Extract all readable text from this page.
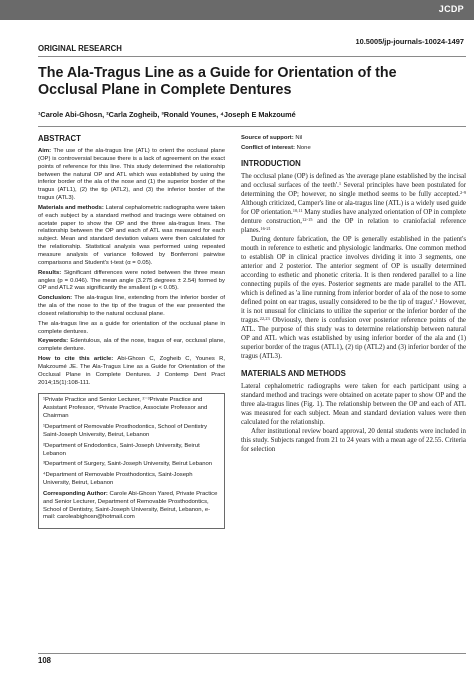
JCDP
10.5005/jp-journals-10024-1497
ORIGINAL RESEARCH
The Ala-Tragus Line as a Guide for Orientation of the Occlusal Plane in Complete Dentures
¹Carole Abi-Ghosn, ²Carla Zogheib, ³Ronald Younes, ⁴Joseph E Makzoumé
ABSTRACT

Aim: The use of the ala-tragus line (ATL) to orient the occlusal plane (OP) is controversial because there is a lack of agreement on the exact points of reference for this line. This study determined the relationship between the natural OP and ATL which was established by using the inferior border of the ala of the nose and (1) the superior border of the tragus (ATL1), (2) the tip (ATL2), and (3) the inferior border of the tragus (ATL3).

Materials and methods: Lateral cephalometric radiographs were taken of each subject by a standard method and tracings were obtained on acetate paper to show the OP and the three ala-tragus lines. The relationship between the OP and each of ATL was measured for each subject. Mean and standard deviation values were then calculated for the relationship. Statistical analysis was performed using repeated measure analysis of variance followed by Bonferroni pairwise comparisons and Student's t-test (α = 0.05).

Results: Significant differences were noted between the three mean angles (p = 0.046). The mean angle (3.275 degrees ± 2.54) formed by OP and ATL2 was significantly the smallest (p < 0.05).

Conclusion: The ala-tragus line, extending from the inferior border of the ala of the nose to the tip of the tragus of the ear presented the closest relationship to the natural occlusal plane.

The ala-tragus line as a guide for orientation of the occlusal plane in complete dentures.

Keywords: Edentulous, ala of the nose, tragus of ear, occlusal plane, complete denture.

How to cite this article: Abi-Ghosn C, Zogheib C, Younes R, Makzoumé JE. The Ala-Tragus Line as a Guide for Orientation of the Occlusal Plane in Complete Dentures. J Contemp Dent Pract 2014;15(1):108-111.

¹Private Practice and Senior Lecturer, ²⁻³Private Practice and Assistant Professor, ⁴Private Practice, Associate Professor and Chairman

¹Department of Removable Prosthodontics, School of Dentistry Saint-Joseph University, Beirut, Lebanon

²Department of Endodontics, Saint-Joseph University, Beirut Lebanon

³Department of Surgery, Saint-Joseph University, Beirut Lebanon

⁴Department of Removable Prosthodontics, Saint-Joseph University, Beirut, Lebanon

Corresponding Author: Carole Abi-Ghosn Yared, Private Practice and Senior Lecturer, Department of Removable Prosthodontics, School of Dentistry, Saint-Joseph University, Beirut, Lebanon, e-mail: caroleabighosn@hotmail.com

Source of support: Nil
Conflict of interest: None
INTRODUCTION

The occlusal plane (OP) is defined as 'the average plane established by the incisal and occlusal surfaces of the teeth'.$^1$ Several principles have been postulated for determining the OP; however, no single method seems to be fully accepted.$^{2-9}$ Although criticized, Camper's line or ala-tragus line (ATL) is a widely used guide for OP orientation.$^{10,11}$ Many studies have analyzed orientation of OP in complete denture construction,$^{12-15}$ and the OP in relation to craniofacial reference planes.$^{16-21}$

During denture fabrication, the OP is generally established in the patient's mouth in reference to esthetic and physiologic landmarks. One common method to establish OP in clinical practice involves dividing it into 3 segments, one anterior and 2 posterior. The anterior segment of OP is usually determined according to esthetic and phonetic criteria. It is then rendered parallel to a line connecting pupils of the eyes. Posterior segments are made parallel to the ATL which is defined as 'a line running from inferior border of ala of the nose to some defined point on ear tragus, usually considered to be the tip of tragus'.$^1$ However, it is not unusual for clinicians to utilize the superior or the inferior border of the tragus.$^{22,23}$ Obviously, there is confusion over posterior reference points of the ATL. The purpose of this study was to determine relationship between natural OP and ATL which was established by using inferior border of the ala and (1) superior border of the tragus (ATL1), (2) tip (ATL2) and (3) inferior border of the tragus (ATL3).

MATERIALS AND METHODS

Lateral cephalometric radiographs were taken for each participant using a standard method and tracings were obtained on acetate paper to show OP and the three ala-tragus lines (Fig. 1). The relationship between the OP and each of ATL was measured for each subject. Mean and standard deviation values were then calculated for the relationship.

After institutional review board approval, 20 dental students were included in this study. Subjects ranged from 21 to 24 years with a mean age of 22.55. Criteria for selection

108
